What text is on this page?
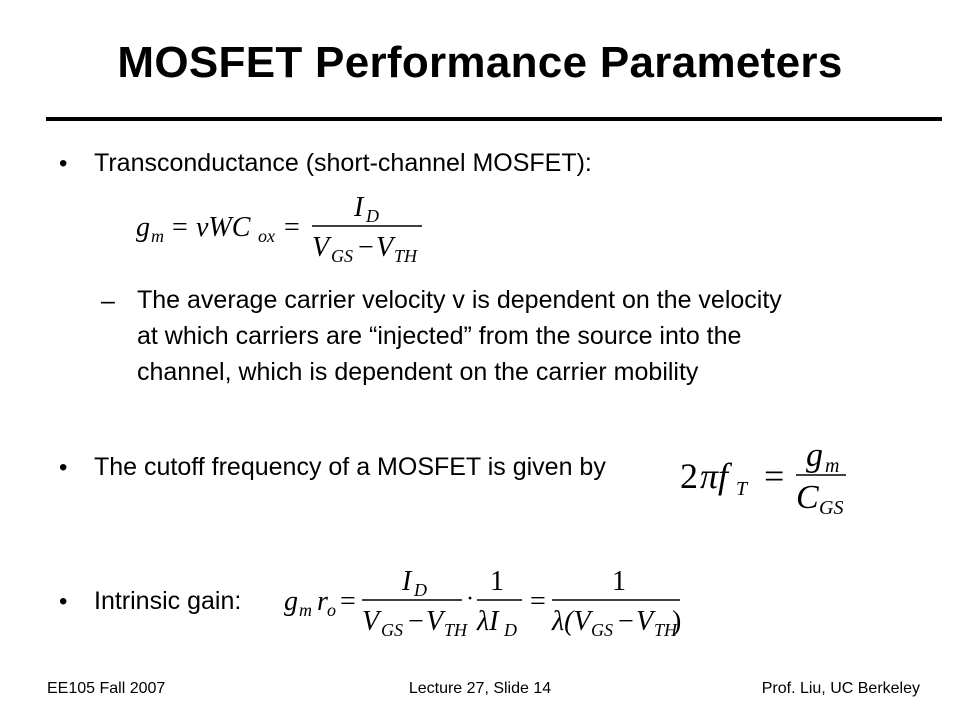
MOSFET Performance Parameters
• Transconductance (short-channel MOSFET):
g m = vWC ox =
I D
V GS − V TH
– The average carrier velocity v is dependent on the velocity
at which carriers are “injected” from the source into the
channel, which is dependent on the carrier mobility
• The cutoff frequency of a MOSFET is given by 2 πf T =
g m
C GS
• Intrinsic gain: g m r o =
I D
V GS − V TH
·
1
λI D
=
1
λ(V GS − V TH
)
EE105 Fall 2007	Lecture 27, Slide 14	Prof. Liu, UC Berkeley
